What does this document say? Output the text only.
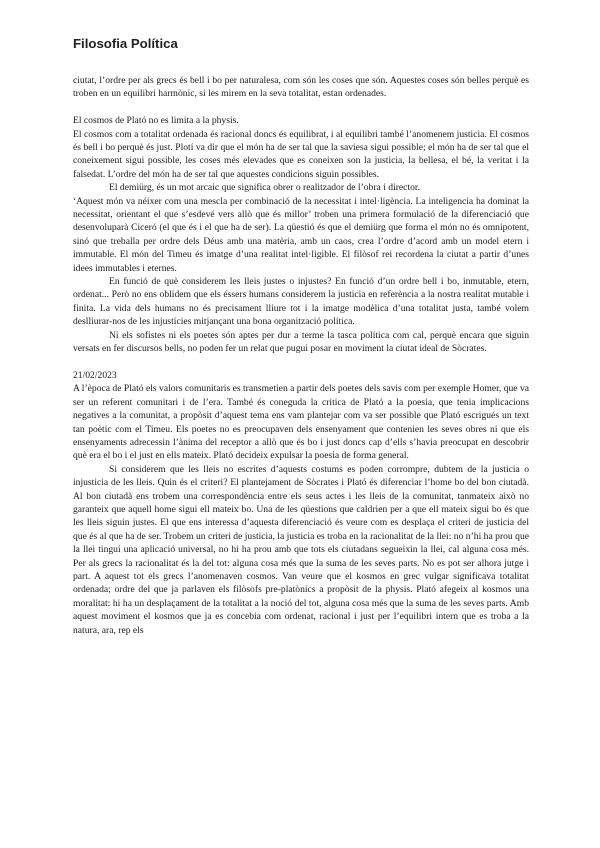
Filosofia Política

ciutat, l’ordre per als grecs és bell i bo per naturalesa, com són les coses que són. Aquestes coses són belles perquè es troben en un equilibri harmònic, si les mirem en la seva totalitat, estan ordenades.

El cosmos de Plató no es limita a la physis.

El cosmos com a totalitat ordenada és racional doncs és equilibrat, i al equilibri també l’anomenem justicia. El cosmos és bell i bo perquè és just. Plotí va dir que el món ha de ser tal que la saviesa sigui possible; el món ha de ser tal que el coneixement sigui possible, les coses més elevades que es coneixen son la justicia, la bellesa, el bé, la veritat i la falsedat. L’ordre del món ha de ser tal que aquestes condicions siguin possibles.

El demiürg, és un mot arcaic que significa obrer o realitzador de l’obra i director.

‘Aquest món va néixer com una mescla per combinació de la necessitat i intel·ligència. La inteligencia ha dominat la necessitat, orientant el que s’esdevé vers allò que és millor’ troben una primera formulació de la diferenciació que desenvoluparà Ciceró (el que és i el que ha de ser). La qüestió és que el demiürg que forma el món no és omnipotent, sinó que treballa per ordre dels Déus amb una matèria, amb un caos, crea l’ordre d’acord amb un model etern i immutable. El món del Timeu és imatge d’una realitat intel·ligible. El filòsof rei recordena la ciutat a partir d’unes idees immutables i eternes.

En funció de què considerem les lleis justes o injustes? En funció d’un ordre bell i bo, inmutable, etern, ordenat... Però no ens oblidem que els éssers humans considerem la justicia en referència a la nostra realitat mutable i finita. La vida dels humans no és precisament lliure tot i la imatge modèlica d’una totalitat justa, també volem deslliurar-nos de les injustícies mitjançant una bona organització política.

Ni els sofistes ni els poetes són aptes per dur a terme la tasca política com cal, perquè encara que siguin versats en fer discursos bells, no poden fer un relat que pugui posar en moviment la ciutat ideal de Sòcrates.

21/02/2023

A l’època de Plató els valors comunitaris es transmetien a partir dels poetes dels savis com per exemple Homer, que va ser un referent comunitari i de l’era. També és coneguda la crítica de Plató a la poesia, que tenia implicacions negatives a la comunitat, a propòsit d’aquest tema ens vam plantejar com va ser possible que Plató escrigués un text tan poètic com el Timeu. Els poetes no es preocupaven dels ensenyament que contenien les seves obres ni que els ensenyaments adrecessin l’ànima del receptor a allò que és bo i just doncs cap d’ells s’havia preocupat en descobrir què era el bo i el just en ells mateix. Plató decideix expulsar la poesia de forma general.

Si considerem que les lleis no escrites d’aquests costums es poden corrompre, dubtem de la justicia o injusticia de les lleis. Quin és el criteri? El plantejament de Sòcrates i Plató és diferenciar l’home bo del bon ciutadà. Al bon ciutadà ens trobem una correspondència entre els seus actes i les lleis de la comunitat, tanmateix això no garanteix que aquell home sigui ell mateix bo. Una de les qüestions que caldrien per a que ell mateix sigui bo és que les lleis siguin justes. El que ens interessa d’aquesta diferenciació és veure com es desplaça el criteri de justicia del que és al que ha de ser. Trobem un criteri de justicia, la justicia es troba en la racionalitat de la llei: no n’hi ha prou que la llei tingui una aplicació universal, no hi ha prou amb que tots els ciutadans segueixin la llei, cal alguna cosa més. Per als grecs la racionalitat és la del tot: alguna cosa més que la suma de les seves parts. No es pot ser alhora jutge i part. A aquest tot els grecs l’anomenaven cosmos. Van veure que el kosmos en grec vulgar significava totalitat ordenada; ordre del que ja parlaven els filòsofs pre-platònics a propòsit de la physis. Plató afegeix al kosmos una moralitat: hi ha un desplaçament de la totalitat a la noció del tot, alguna cosa més que la suma de les seves parts. Amb aquest moviment el kosmos que ja es concebia com ordenat, racional i just per l’equilibri intern que es troba a la natura, ara, rep els
